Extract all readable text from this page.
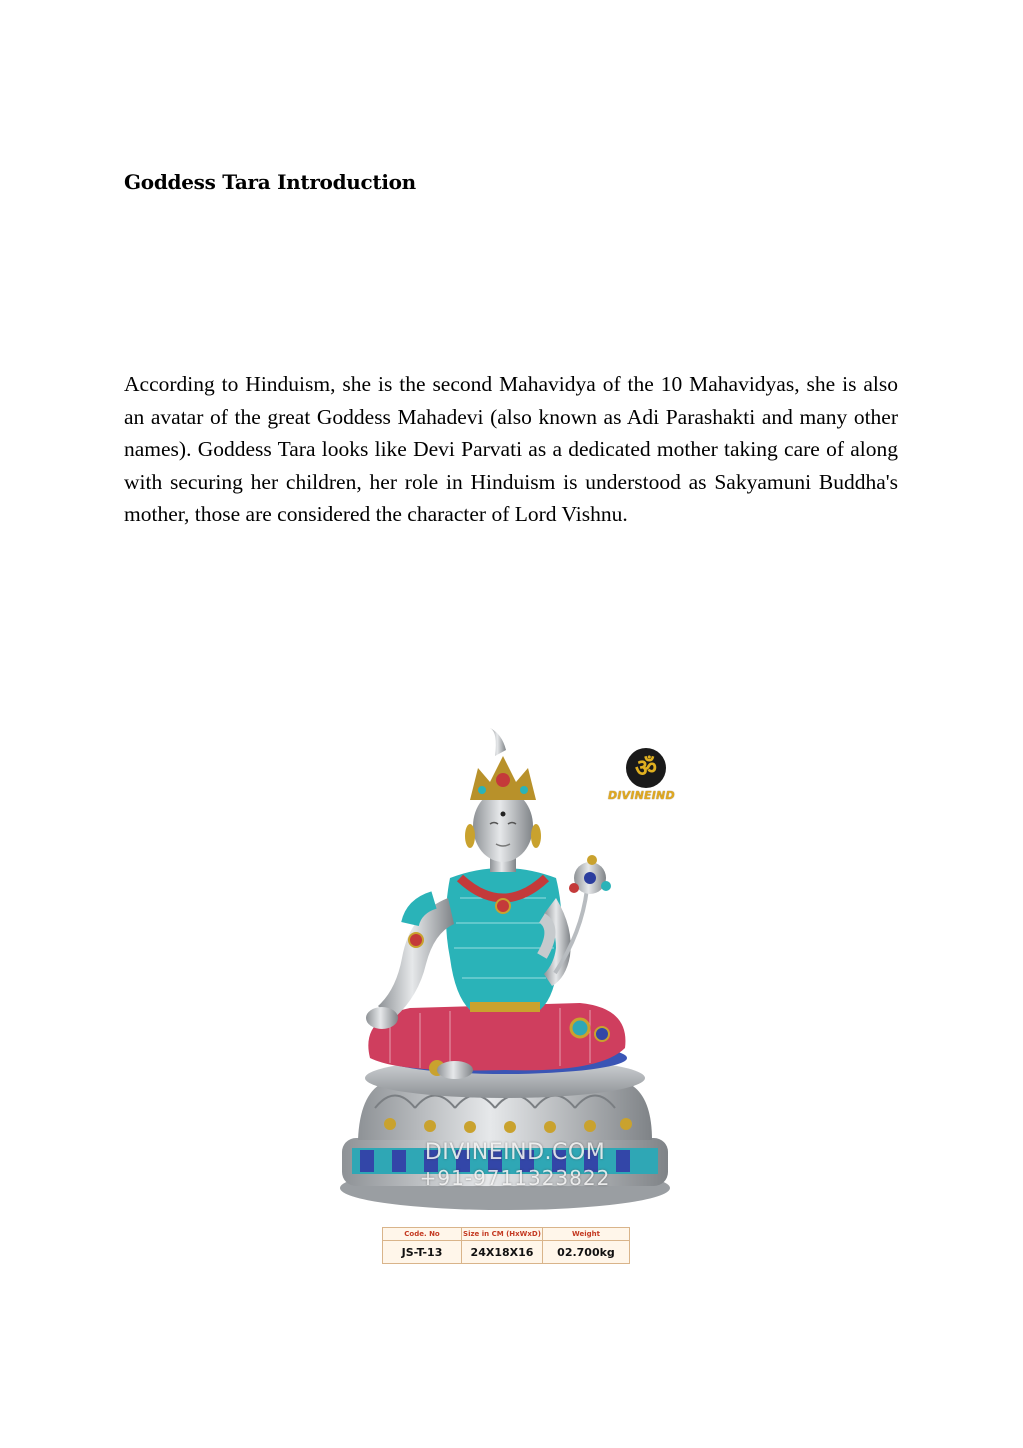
Goddess Tara Introduction

According to Hinduism, she is the second Mahavidya of the 10 Mahavidyas, she is also an avatar of the great Goddess Mahadevi (also known as Adi Parashakti and many other names). Goddess Tara looks like Devi Parvati as a dedicated mother taking care of along with securing her children, her role in Hinduism is understood as Sakyamuni Buddha's mother, those are considered the character of Lord Vishnu.

ॐ
DIVINEIND
DIVINEIND.COM
+91-9711323822
Code. No	Size in CM (HxWxD)	Weight
JS-T-13	24X18X16	02.700kg
